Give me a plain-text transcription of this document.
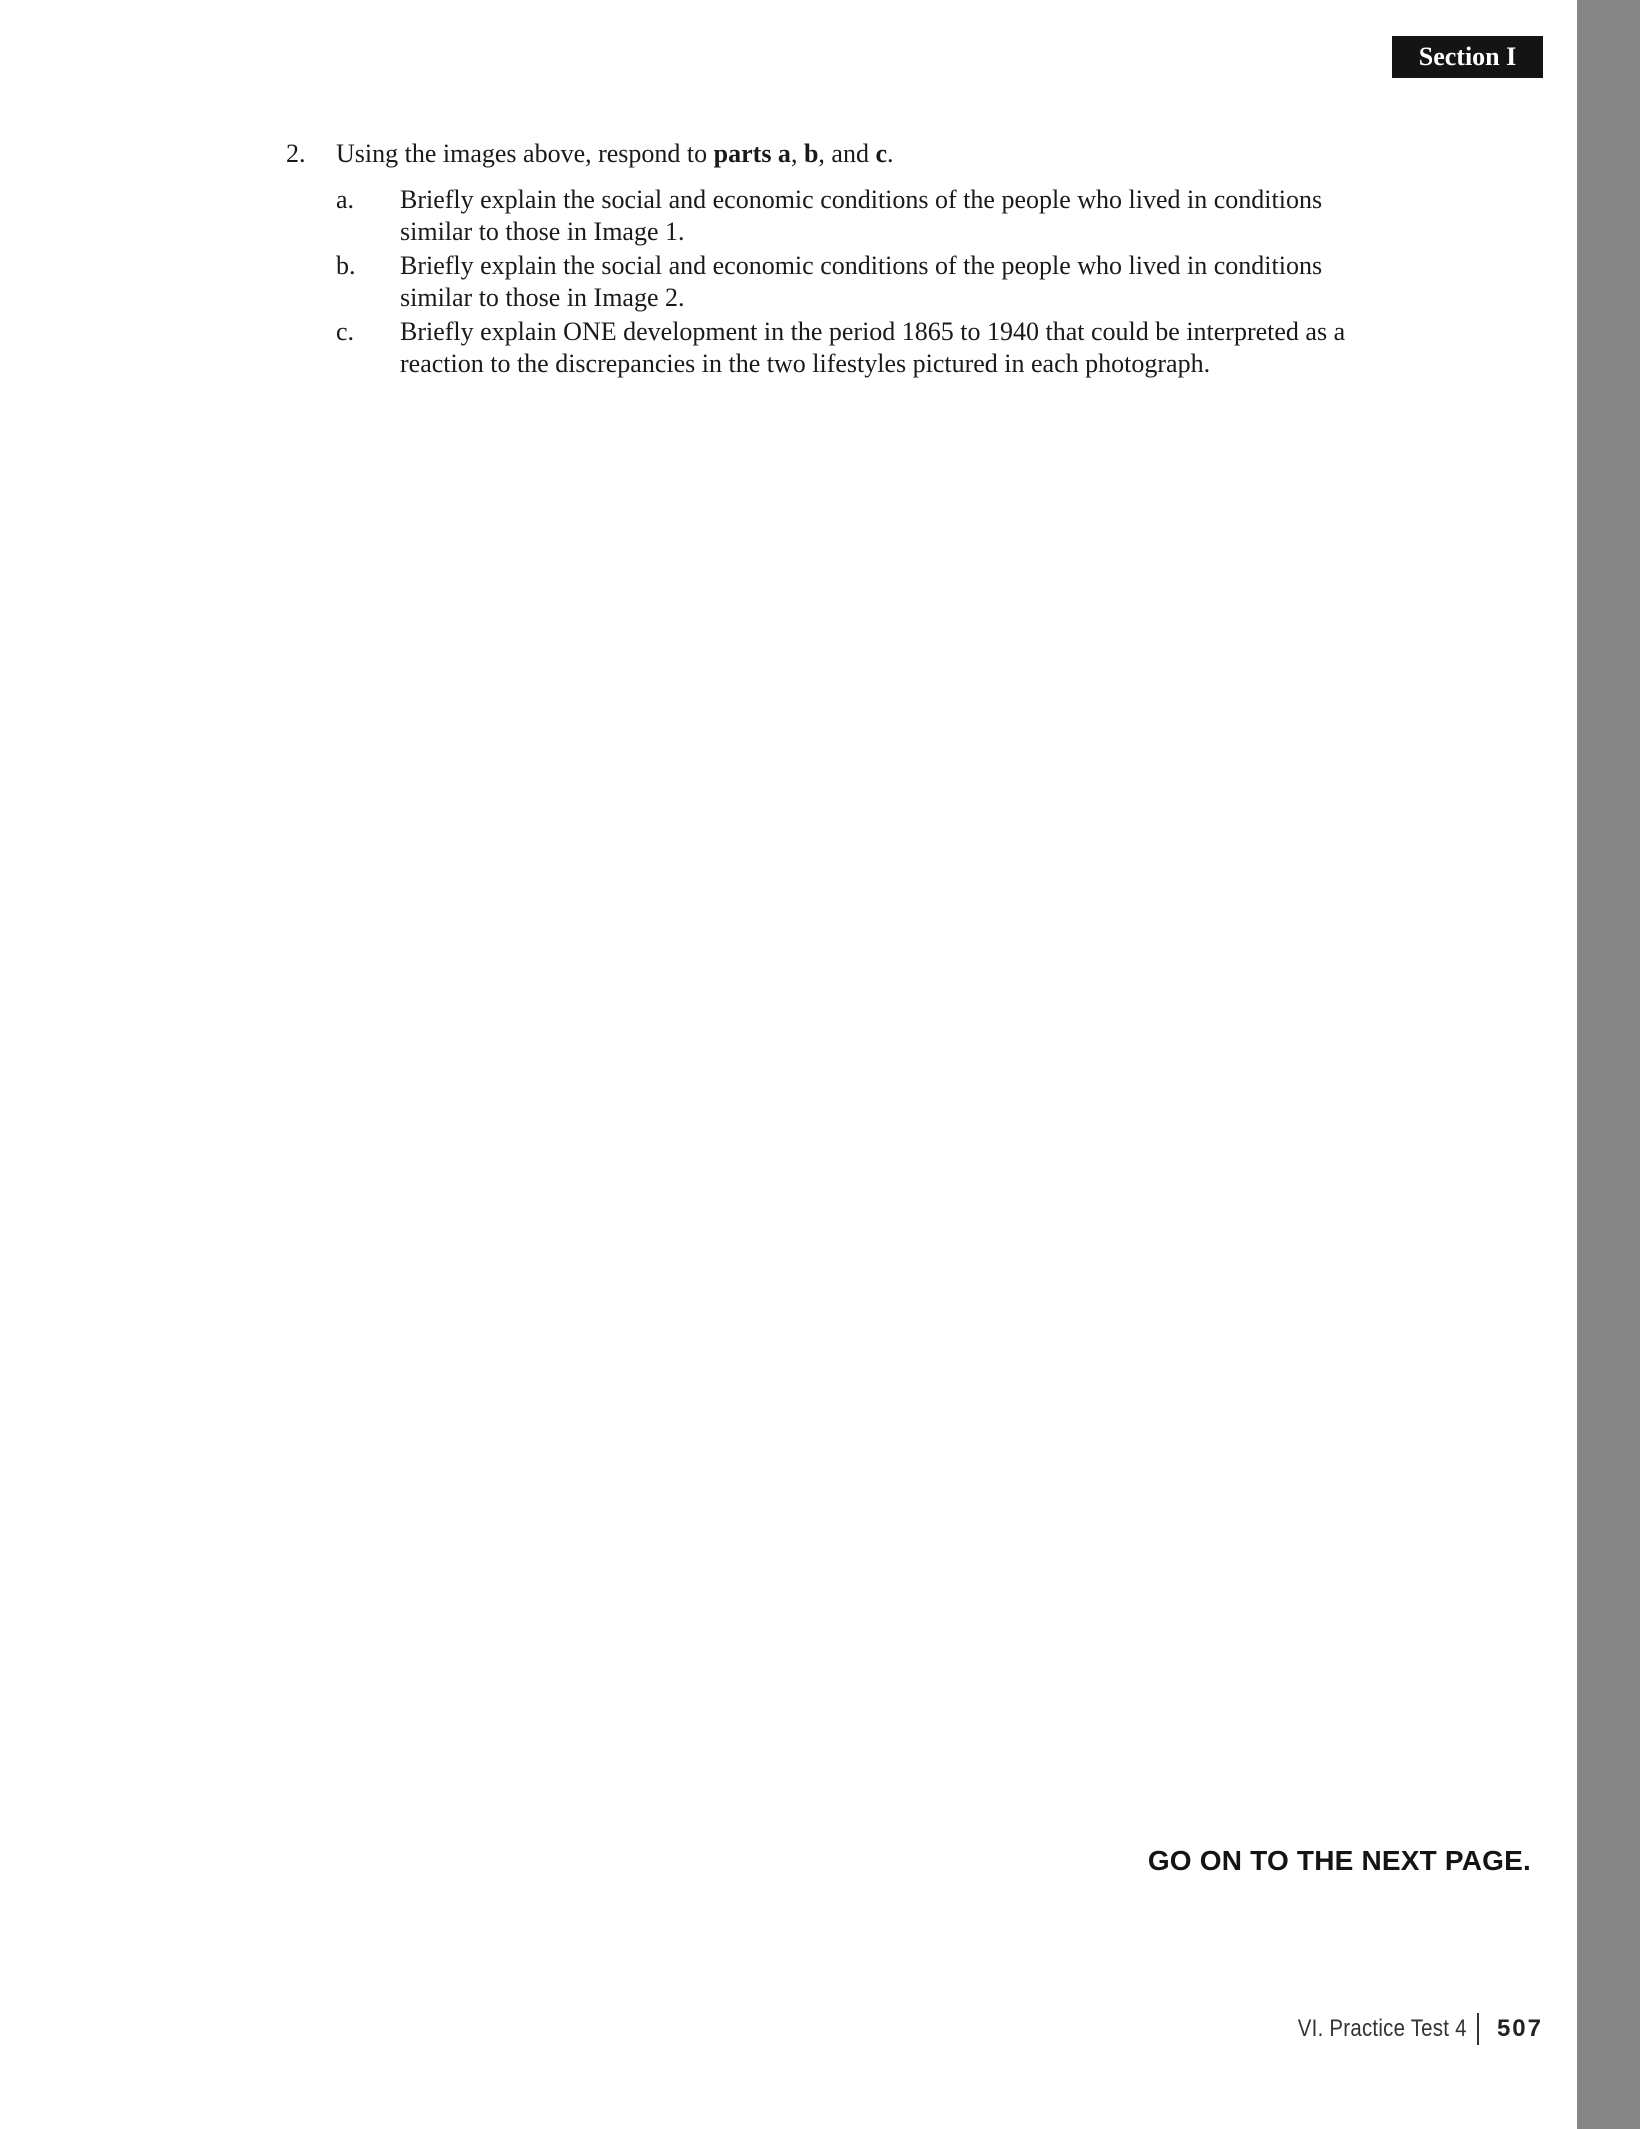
Section I
2.	Using the images above, respond to parts a, b, and c.
a.	Briefly explain the social and economic conditions of the people who lived in conditions similar to those in Image 1.
b.	Briefly explain the social and economic conditions of the people who lived in conditions similar to those in Image 2.
c.	Briefly explain ONE development in the period 1865 to 1940 that could be interpreted as a reaction to the discrepancies in the two lifestyles pictured in each photograph.
GO ON TO THE NEXT PAGE.
VI. Practice Test 4 507
